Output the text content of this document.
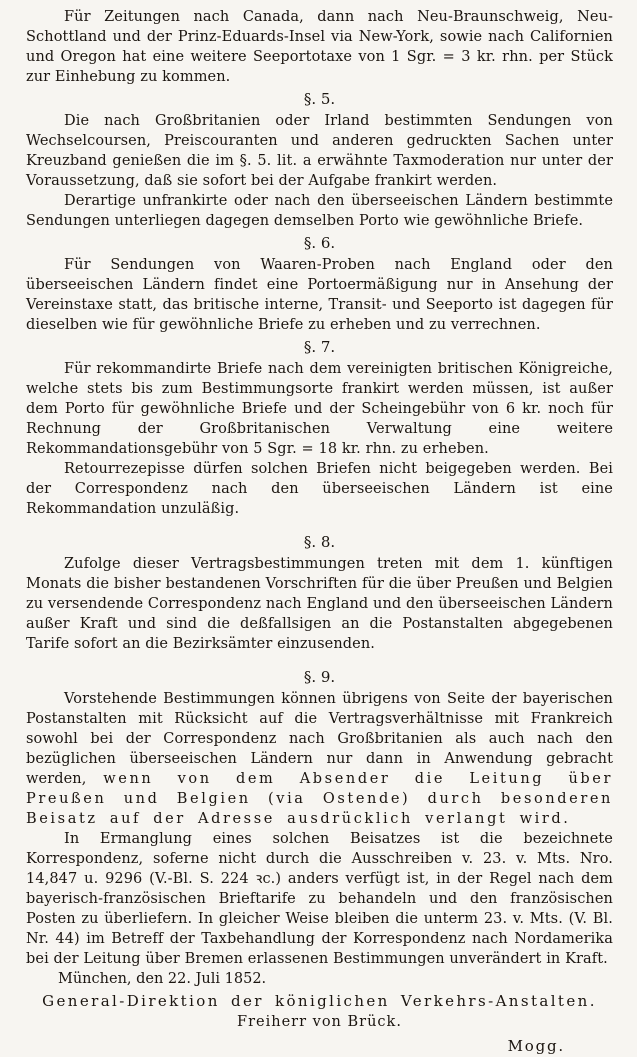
Für Zeitungen nach Canada, dann nach Neu-Braunschweig, Neu-Schottland und der Prinz-Eduards-Insel via New-York, sowie nach Californien und Oregon hat eine weitere Seeportotaxe von 1 Sgr. = 3 kr. rhn. per Stück zur Einhebung zu kommen.

§. 5.

Die nach Großbritanien oder Irland bestimmten Sendungen von Wechselcoursen, Preiscouranten und anderen gedruckten Sachen unter Kreuzband genießen die im §. 5. lit. a erwähnte Taxmoderation nur unter der Voraussetzung, daß sie sofort bei der Aufgabe frankirt werden.

Derartige unfrankirte oder nach den überseeischen Ländern bestimmte Sendungen unterliegen dagegen demselben Porto wie gewöhnliche Briefe.

§. 6.

Für Sendungen von Waaren-Proben nach England oder den überseeischen Ländern findet eine Portoermäßigung nur in Ansehung der Vereinstaxe statt, das britische interne, Transit- und Seeporto ist dagegen für dieselben wie für gewöhnliche Briefe zu erheben und zu verrechnen.

§. 7.

Für rekommandirte Briefe nach dem vereinigten britischen Königreiche, welche stets bis zum Bestimmungsorte frankirt werden müssen, ist außer dem Porto für gewöhnliche Briefe und der Scheingebühr von 6 kr. noch für Rechnung der Großbritanischen Verwaltung eine weitere Rekommandationsgebühr von 5 Sgr. = 18 kr. rhn. zu erheben.

Retourrezepisse dürfen solchen Briefen nicht beigegeben werden. Bei der Correspondenz nach den überseeischen Ländern ist eine Rekommandation unzuläßig.

§. 8.

Zufolge dieser Vertragsbestimmungen treten mit dem 1. künftigen Monats die bisher bestandenen Vorschriften für die über Preußen und Belgien zu versendende Correspondenz nach England und den überseeischen Ländern außer Kraft und sind die deßfallsigen an die Postanstalten abgegebenen Tarife sofort an die Bezirksämter einzusenden.

§. 9.

Vorstehende Bestimmungen können übrigens von Seite der bayerischen Postanstalten mit Rücksicht auf die Vertragsverhältnisse mit Frankreich sowohl bei der Correspondenz nach Großbritanien als auch nach den bezüglichen überseeischen Ländern nur dann in Anwendung gebracht werden, wenn von dem Absender die Leitung über Preußen und Belgien (via Ostende) durch besonderen Beisatz auf der Adresse ausdrücklich verlangt wird.

In Ermanglung eines solchen Beisatzes ist die bezeichnete Korrespondenz, soferne nicht durch die Ausschreiben v. 23. v. Mts. Nro. 14,847 u. 9296 (V.-Bl. S. 224 ꝛc.) anders verfügt ist, in der Regel nach dem bayerisch-französischen Brieftarife zu behandeln und den französischen Posten zu überliefern. In gleicher Weise bleiben die unterm 23. v. Mts. (V. Bl. Nr. 44) im Betreff der Taxbehandlung der Korrespondenz nach Nordamerika bei der Leitung über Bremen erlassenen Bestimmungen unverändert in Kraft.

München, den 22. Juli 1852.

General-Direktion der königlichen Verkehrs-Anstalten.

Freiherr von Brück.

Mogg.
